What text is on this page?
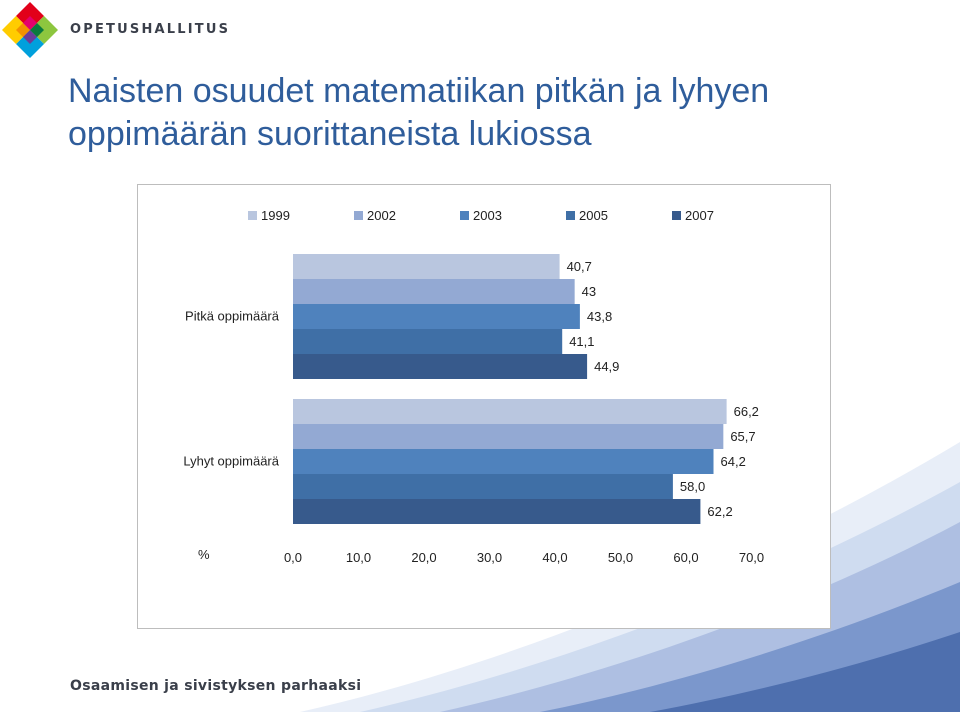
OPETUSHALLITUS
Naisten osuudet matematiikan pitkän ja lyhyen oppimäärän suorittaneista lukiossa
1999	2002	2003	2005	2007
Pitkä oppimäärä
Lyhyt oppimäärä
40,7
66,2
43
65,7
43,8
64,2
41,1
58,0
44,9
62,2
0,0	10,0	20,0	30,0	40,0	50,0	60,0	70,0
%
Osaamisen ja sivistyksen parhaaksi
